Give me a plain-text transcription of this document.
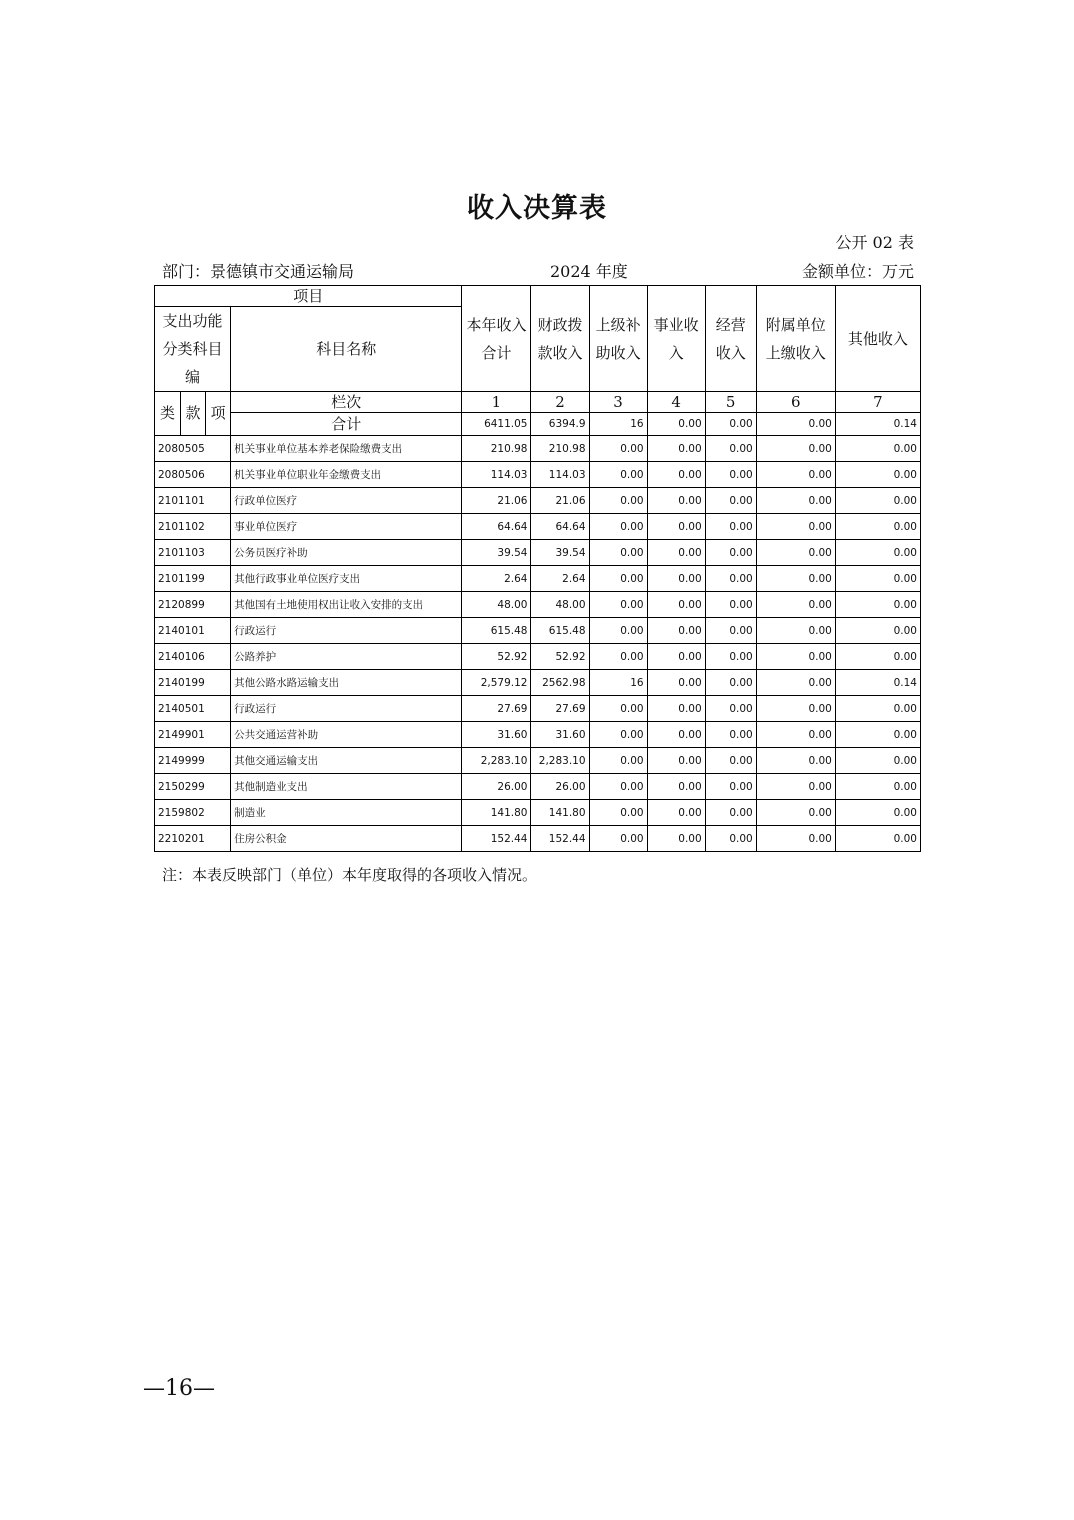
收入决算表
公开 02 表
部门：景德镇市交通运输局	2024 年度	金额单位：万元
项目				本年收入合计	财政拨款收入	上级补助收入	事业收入	经营收入	附属单位上缴收入	其他收入
支出功能分类科目编			科目名称							
类	款	项	栏次	1	2	3	4	5	6	7
			合计	6411.05	6394.9	16	0.00	0.00	0.00	0.14
2080505			机关事业单位基本养老保险缴费支出	210.98	210.98	0.00	0.00	0.00	0.00	0.00
2080506			机关事业单位职业年金缴费支出	114.03	114.03	0.00	0.00	0.00	0.00	0.00
2101101			行政单位医疗	21.06	21.06	0.00	0.00	0.00	0.00	0.00
2101102			事业单位医疗	64.64	64.64	0.00	0.00	0.00	0.00	0.00
2101103			公务员医疗补助	39.54	39.54	0.00	0.00	0.00	0.00	0.00
2101199			其他行政事业单位医疗支出	2.64	2.64	0.00	0.00	0.00	0.00	0.00
2120899			其他国有土地使用权出让收入安排的支出	48.00	48.00	0.00	0.00	0.00	0.00	0.00
2140101			行政运行	615.48	615.48	0.00	0.00	0.00	0.00	0.00
2140106			公路养护	52.92	52.92	0.00	0.00	0.00	0.00	0.00
2140199			其他公路水路运输支出	2,579.12	2562.98	16	0.00	0.00	0.00	0.14
2140501			行政运行	27.69	27.69	0.00	0.00	0.00	0.00	0.00
2149901			公共交通运营补助	31.60	31.60	0.00	0.00	0.00	0.00	0.00
2149999			其他交通运输支出	2,283.10	2,283.10	0.00	0.00	0.00	0.00	0.00
2150299			其他制造业支出	26.00	26.00	0.00	0.00	0.00	0.00	0.00
2159802			制造业	141.80	141.80	0.00	0.00	0.00	0.00	0.00
2210201			住房公积金	152.44	152.44	0.00	0.00	0.00	0.00	0.00
注：本表反映部门（单位）本年度取得的各项收入情况。
—16—
